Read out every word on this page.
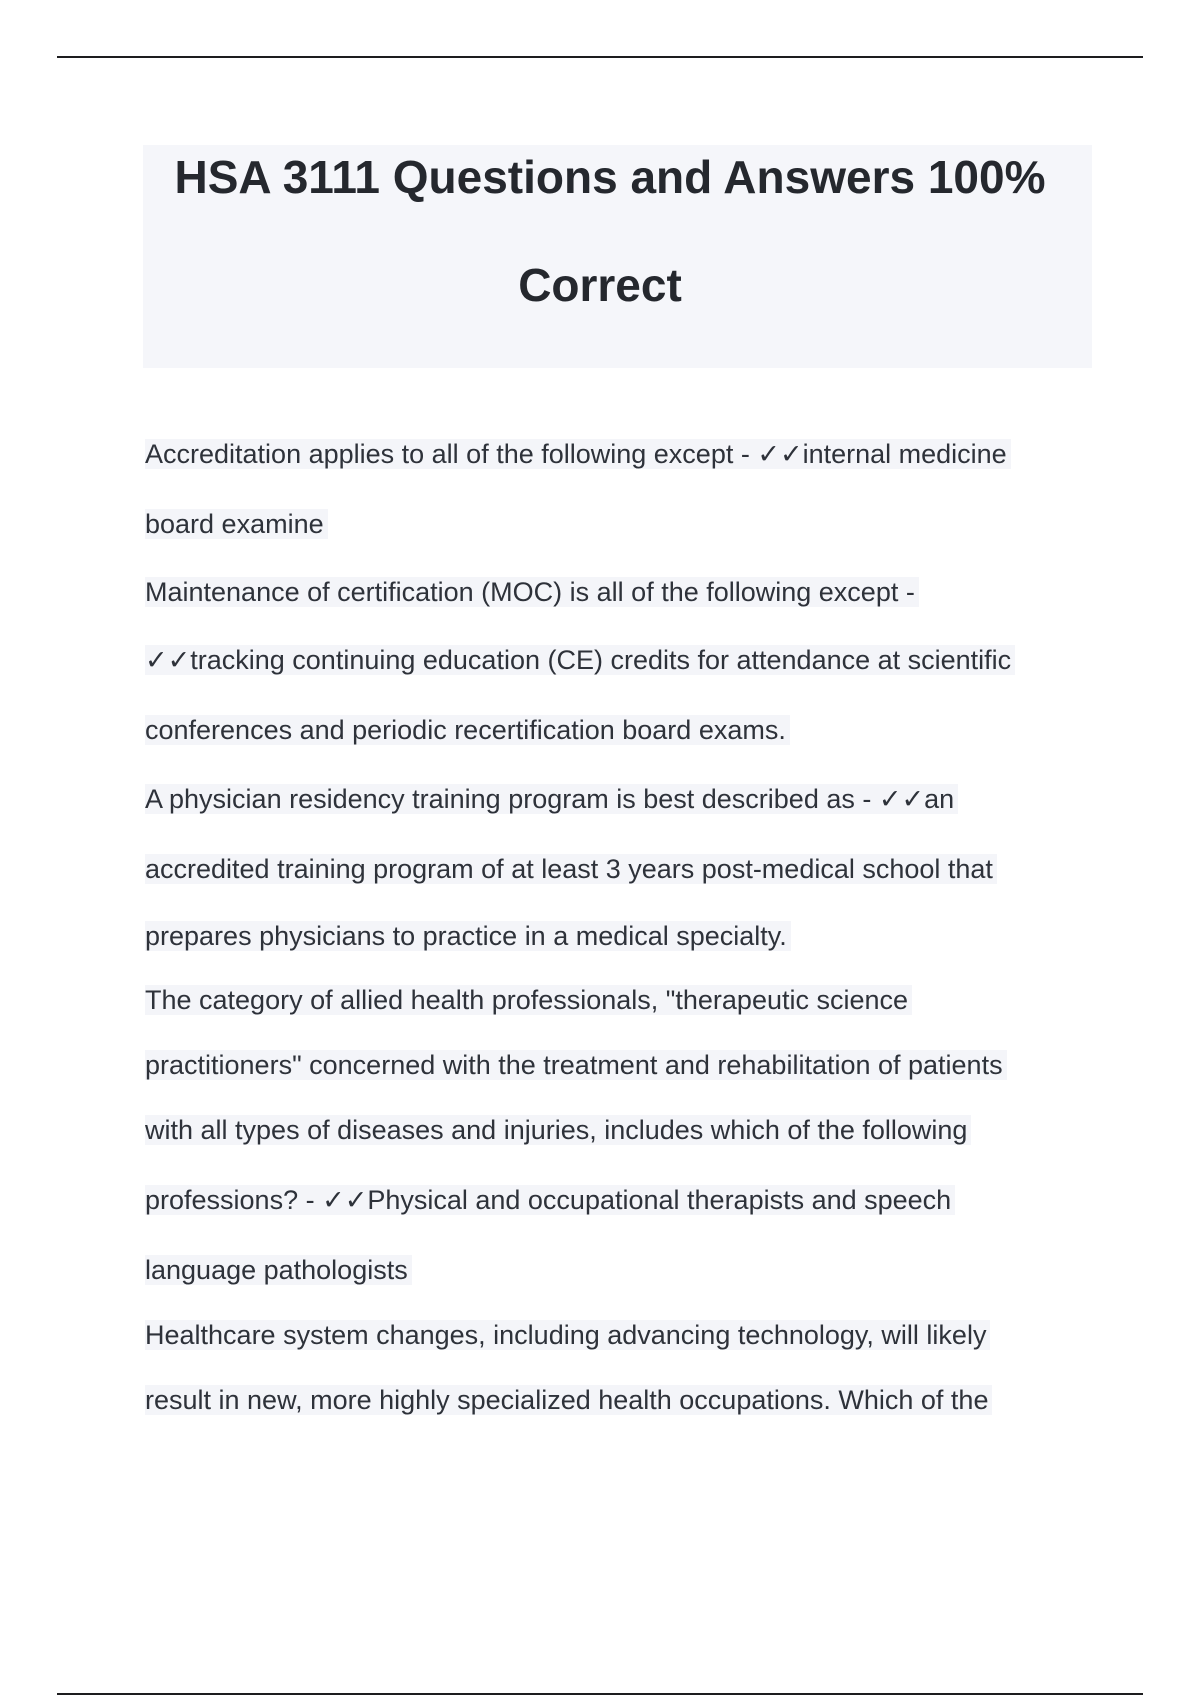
HSA 3111 Questions and Answers 100%
Correct
Accreditation applies to all of the following except - ✓✓internal medicine
board examine
Maintenance of certification (MOC) is all of the following except -
✓✓tracking continuing education (CE) credits for attendance at scientific
conferences and periodic recertification board exams.
A physician residency training program is best described as - ✓✓an
accredited training program of at least 3 years post-medical school that
prepares physicians to practice in a medical specialty.
The category of allied health professionals, "therapeutic science
practitioners" concerned with the treatment and rehabilitation of patients
with all types of diseases and injuries, includes which of the following
professions? - ✓✓Physical and occupational therapists and speech
language pathologists
Healthcare system changes, including advancing technology, will likely
result in new, more highly specialized health occupations. Which of the
